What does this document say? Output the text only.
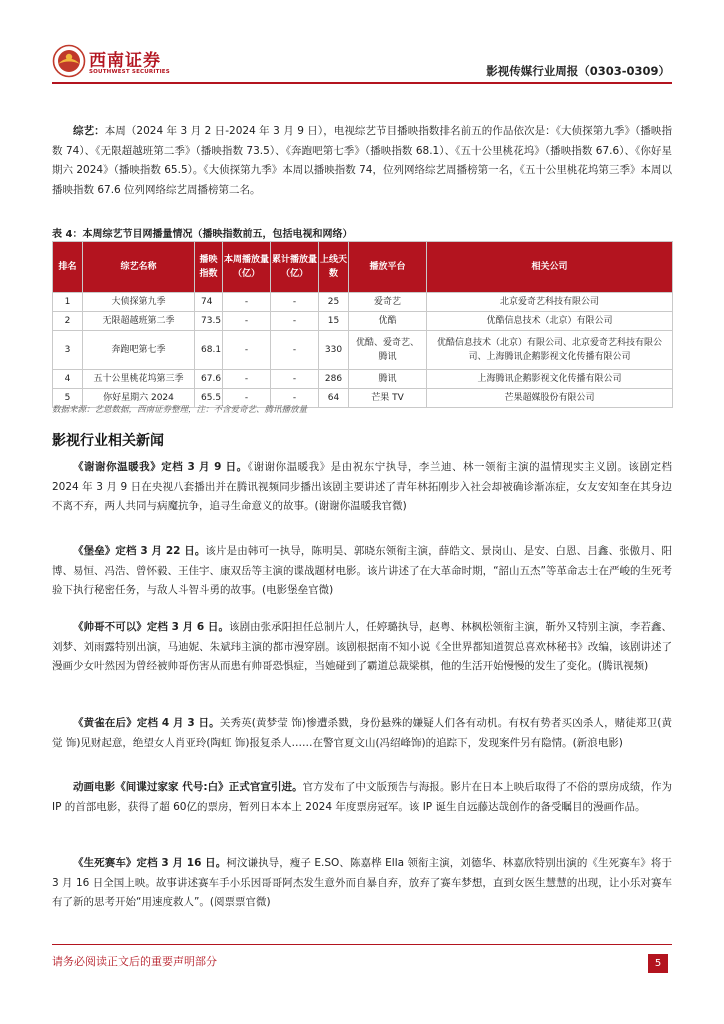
西南证券
SOUTHWEST SECURITIES	影视传媒行业周报（0303-0309）

综艺：本周（2024 年 3 月 2 日-2024 年 3 月 9 日），电视综艺节目播映指数排名前五的作品依次是：《大侦探第九季》（播映指数 74）、《无限超越班第二季》（播映指数 73.5）、《奔跑吧第七季》（播映指数 68.1）、《五十公里桃花坞》（播映指数 67.6）、《你好星期六 2024》（播映指数 65.5）。《大侦探第九季》本周以播映指数 74，位列网络综艺周播榜第一名，《五十公里桃花坞第三季》本周以播映指数 67.6 位列网络综艺周播榜第二名。

表 4：本周综艺节目网播量情况（播映指数前五，包括电视和网络）
排名	综艺名称	播映指数	本周播放量（亿）	累计播放量（亿）	上线天数	播放平台	相关公司
1	大侦探第九季	74	-	-	25	爱奇艺	北京爱奇艺科技有限公司
2	无限超越班第二季	73.5	-	-	15	优酷	优酷信息技术（北京）有限公司
3	奔跑吧第七季	68.1	-	-	330	优酷、爱奇艺、腾讯	优酷信息技术（北京）有限公司、北京爱奇艺科技有限公司、上海腾讯企鹅影视文化传播有限公司
4	五十公里桃花坞第三季	67.6	-	-	286	腾讯	上海腾讯企鹅影视文化传播有限公司
5	你好星期六 2024	65.5	-	-	64	芒果 TV	芒果超媒股份有限公司
数据来源：艺恩数据，西南证券整理，注：不含爱奇艺、腾讯播放量
影视行业相关新闻

《谢谢你温暖我》定档 3 月 9 日。《谢谢你温暖我》是由祝东宁执导，李兰迪、林一领衔主演的温情现实主义剧。该剧定档 2024 年 3 月 9 日在央视八套播出并在腾讯视频同步播出该剧主要讲述了青年林拓刚步入社会却被确诊渐冻症，女友安知奎在其身边不离不弃，两人共同与病魔抗争，追寻生命意义的故事。(谢谢你温暖我官微)

《堡垒》定档 3 月 22 日。该片是由韩可一执导，陈明昊、郭晓东领衔主演，薛皓文、景岗山、是安、白恩、吕鑫、张傲月、阳博、易恒、冯浩、曾怀毅、王佳宇、康双岳等主演的谍战题材电影。该片讲述了在大革命时期，“韶山五杰”等革命志士在严峻的生死考验下执行秘密任务，与敌人斗智斗勇的故事。(电影堡垒官微)

《帅哥不可以》定档 3 月 6 日。该剧由张承阳担任总制片人，任婷璐执导，赵粤、林枫松领衔主演，靳外又特别主演，李若鑫、刘梦、刘雨露特别出演，马迪妮、朱斌玮主演的都市漫穿剧。该剧根据南不知小说《全世界都知道贺总喜欢林秘书》改编，该剧讲述了漫画少女叶然因为曾经被帅哥伤害从而患有帅哥恐惧症，当她碰到了霸道总裁梁棋，他的生活开始慢慢的发生了变化。(腾讯视频)

《黄雀在后》定档 4 月 3 日。关秀英(黄梦莹 饰)惨遭杀戮，身份悬殊的嫌疑人们各有动机。有权有势者买凶杀人，赌徒郑卫(黄觉 饰)见财起意，绝望女人肖亚玲(陶虹 饰)报复杀人……在警官夏文山(冯绍峰饰)的追踪下，发现案件另有隐情。(新浪电影)

动画电影《间谍过家家 代号:白》正式官宣引进。官方发布了中文版预告与海报。影片在日本上映后取得了不俗的票房成绩，作为 IP 的首部电影，获得了超 60亿的票房，暂列日本本上 2024 年度票房冠军。该 IP 诞生自远藤达哉创作的备受瞩目的漫画作品。

《生死赛车》定档 3 月 16 日。柯汶谦执导，瘦子 E.SO、陈嘉桦 Ella 领衔主演，刘德华、林嘉欣特别出演的《生死赛车》将于 3 月 16 日全国上映。故事讲述赛车手小乐因哥哥阿杰发生意外而自暴自弃，放弃了赛车梦想，直到女医生慧慧的出现，让小乐对赛车有了新的思考开始“用速度救人”。(阅票票官微)

请务必阅读正文后的重要声明部分	5
